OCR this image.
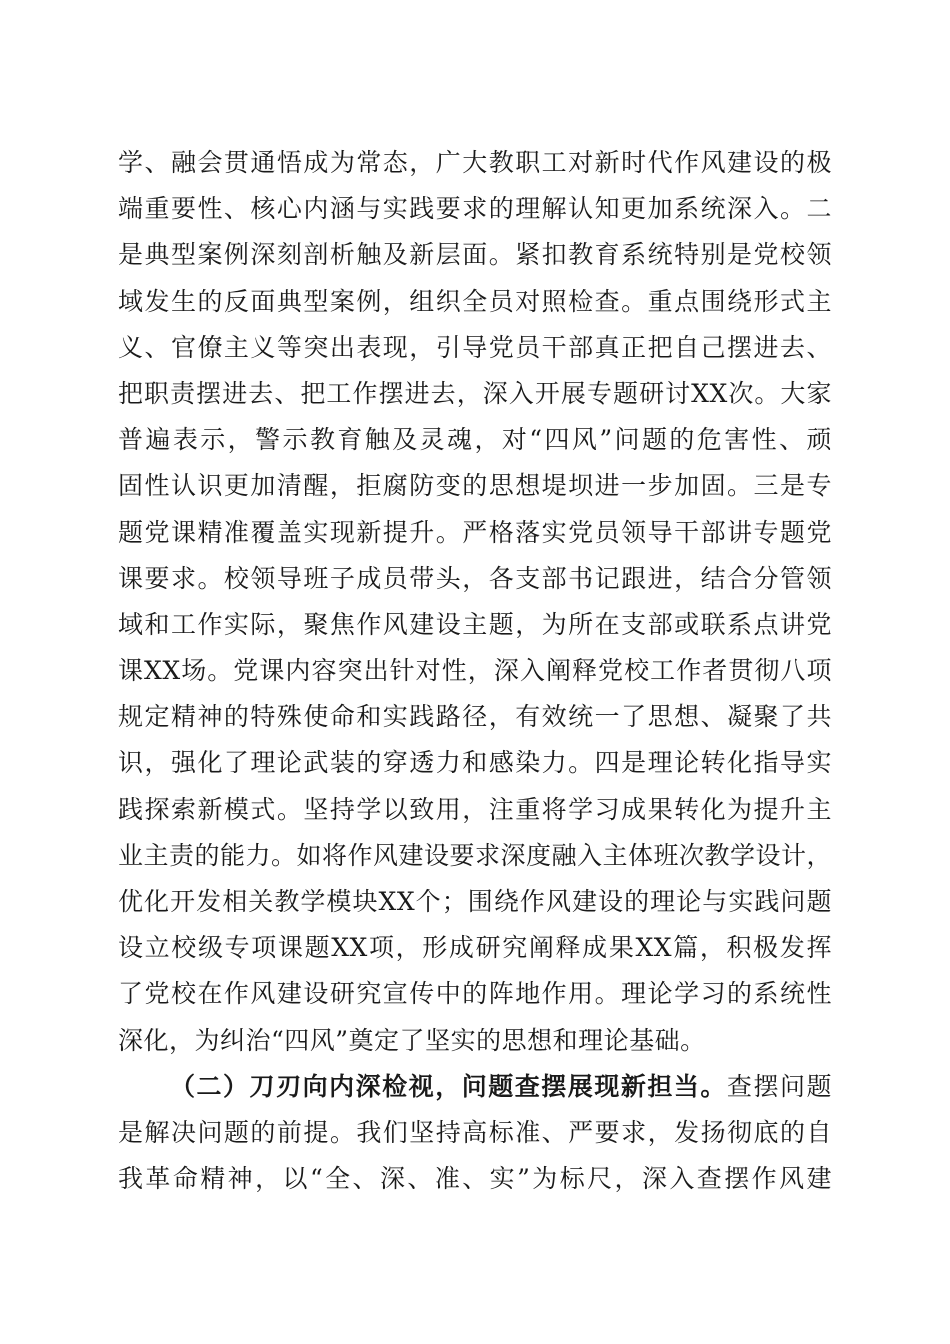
学、融会贯通悟成为常态，广大教职工对新时代作风建设的极
端重要性、核心内涵与实践要求的理解认知更加系统深入。二
是典型案例深刻剖析触及新层面。紧扣教育系统特别是党校领
域发生的反面典型案例，组织全员对照检查。重点围绕形式主
义、官僚主义等突出表现，引导党员干部真正把自己摆进去、
把职责摆进去、把工作摆进去，深入开展专题研讨XX次。大家
普遍表示，警示教育触及灵魂，对“四风”问题的危害性、顽
固性认识更加清醒，拒腐防变的思想堤坝进一步加固。三是专
题党课精准覆盖实现新提升。严格落实党员领导干部讲专题党
课要求。校领导班子成员带头，各支部书记跟进，结合分管领
域和工作实际，聚焦作风建设主题，为所在支部或联系点讲党
课XX场。党课内容突出针对性，深入阐释党校工作者贯彻八项
规定精神的特殊使命和实践路径，有效统一了思想、凝聚了共
识，强化了理论武装的穿透力和感染力。四是理论转化指导实
践探索新模式。坚持学以致用，注重将学习成果转化为提升主
业主责的能力。如将作风建设要求深度融入主体班次教学设计，
优化开发相关教学模块XX个；围绕作风建设的理论与实践问题
设立校级专项课题XX项，形成研究阐释成果XX篇，积极发挥
了党校在作风建设研究宣传中的阵地作用。理论学习的系统性
深化，为纠治“四风”奠定了坚实的思想和理论基础。
（二）刀刃向内深检视，问题查摆展现新担当。查摆问题
是解决问题的前提。我们坚持高标准、严要求，发扬彻底的自
我革命精神，以“全、深、准、实”为标尺，深入查摆作风建
